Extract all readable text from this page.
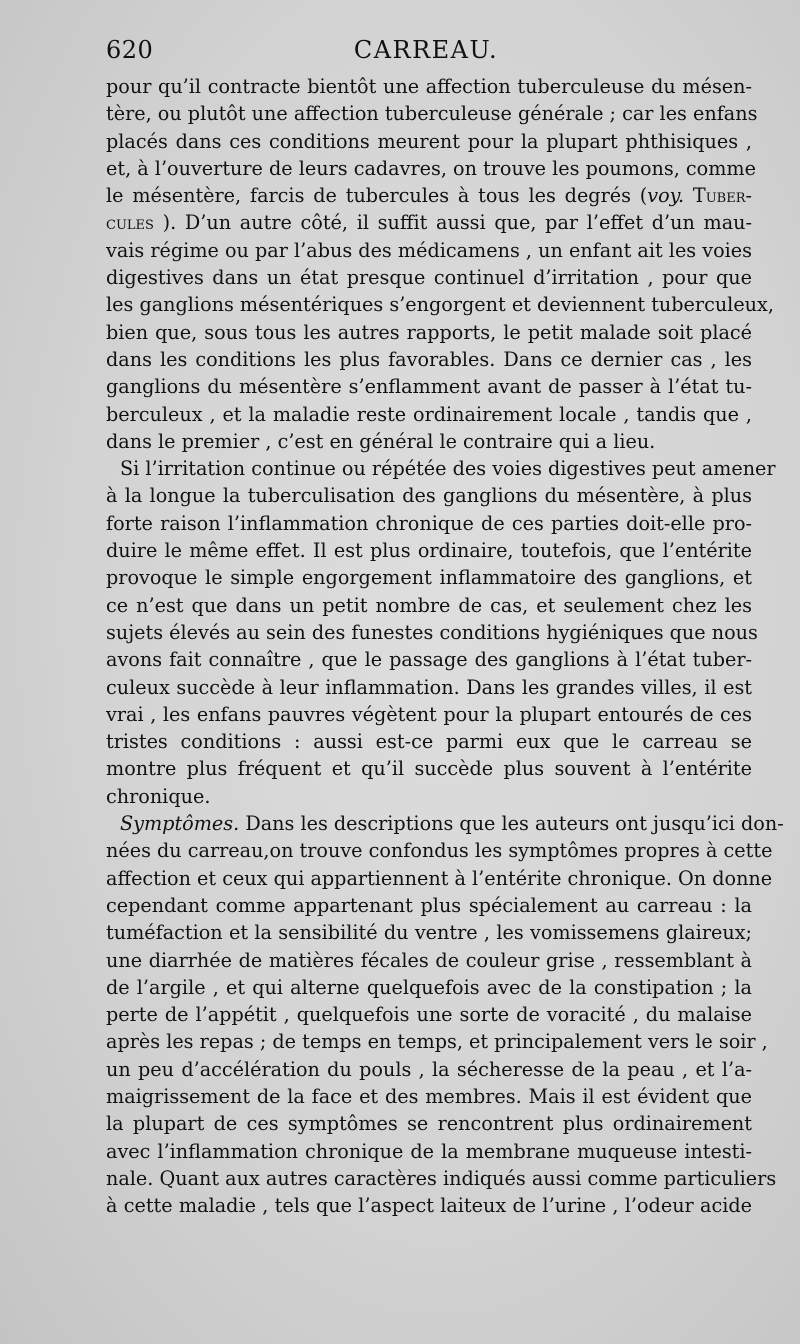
620	CARREAU.
pour qu’il contracte bientôt une affection tuberculeuse du mésen-
tère, ou plutôt une affection tuberculeuse générale ; car les enfans
placés dans ces conditions meurent pour la plupart phthisiques ,
et, à l’ouverture de leurs cadavres, on trouve les poumons, comme
le mésentère, farcis de tubercules à tous les degrés (voy. Tuber-
cules ). D’un autre côté, il suffit aussi que, par l’effet d’un mau-
vais régime ou par l’abus des médicamens , un enfant ait les voies
digestives dans un état presque continuel d’irritation , pour que
les ganglions mésentériques s’engorgent et deviennent tuberculeux,
bien que, sous tous les autres rapports, le petit malade soit placé
dans les conditions les plus favorables. Dans ce dernier cas , les
ganglions du mésentère s’enflamment avant de passer à l’état tu-
berculeux , et la maladie reste ordinairement locale , tandis que ,
dans le premier , c’est en général le contraire qui a lieu.
Si l’irritation continue ou répétée des voies digestives peut amener
à la longue la tuberculisation des ganglions du mésentère, à plus
forte raison l’inflammation chronique de ces parties doit-elle pro-
duire le même effet. Il est plus ordinaire, toutefois, que l’entérite
provoque le simple engorgement inflammatoire des ganglions, et
ce n’est que dans un petit nombre de cas, et seulement chez les
sujets élevés au sein des funestes conditions hygiéniques que nous
avons fait connaître , que le passage des ganglions à l’état tuber-
culeux succède à leur inflammation. Dans les grandes villes, il est
vrai , les enfans pauvres végètent pour la plupart entourés de ces
tristes conditions : aussi est-ce parmi eux que le carreau se
montre plus fréquent et qu’il succède plus souvent à l’entérite
chronique.
Symptômes. Dans les descriptions que les auteurs ont jusqu’ici don-
nées du carreau,on trouve confondus les symptômes propres à cette
affection et ceux qui appartiennent à l’entérite chronique. On donne
cependant comme appartenant plus spécialement au carreau : la
tuméfaction et la sensibilité du ventre , les vomissemens glaireux;
une diarrhée de matières fécales de couleur grise , ressemblant à
de l’argile , et qui alterne quelquefois avec de la constipation ; la
perte de l’appétit , quelquefois une sorte de voracité , du malaise
après les repas ; de temps en temps, et principalement vers le soir ,
un peu d’accélération du pouls , la sécheresse de la peau , et l’a-
maigrissement de la face et des membres. Mais il est évident que
la plupart de ces symptômes se rencontrent plus ordinairement
avec l’inflammation chronique de la membrane muqueuse intesti-
nale. Quant aux autres caractères indiqués aussi comme particuliers
à cette maladie , tels que l’aspect laiteux de l’urine , l’odeur acide
